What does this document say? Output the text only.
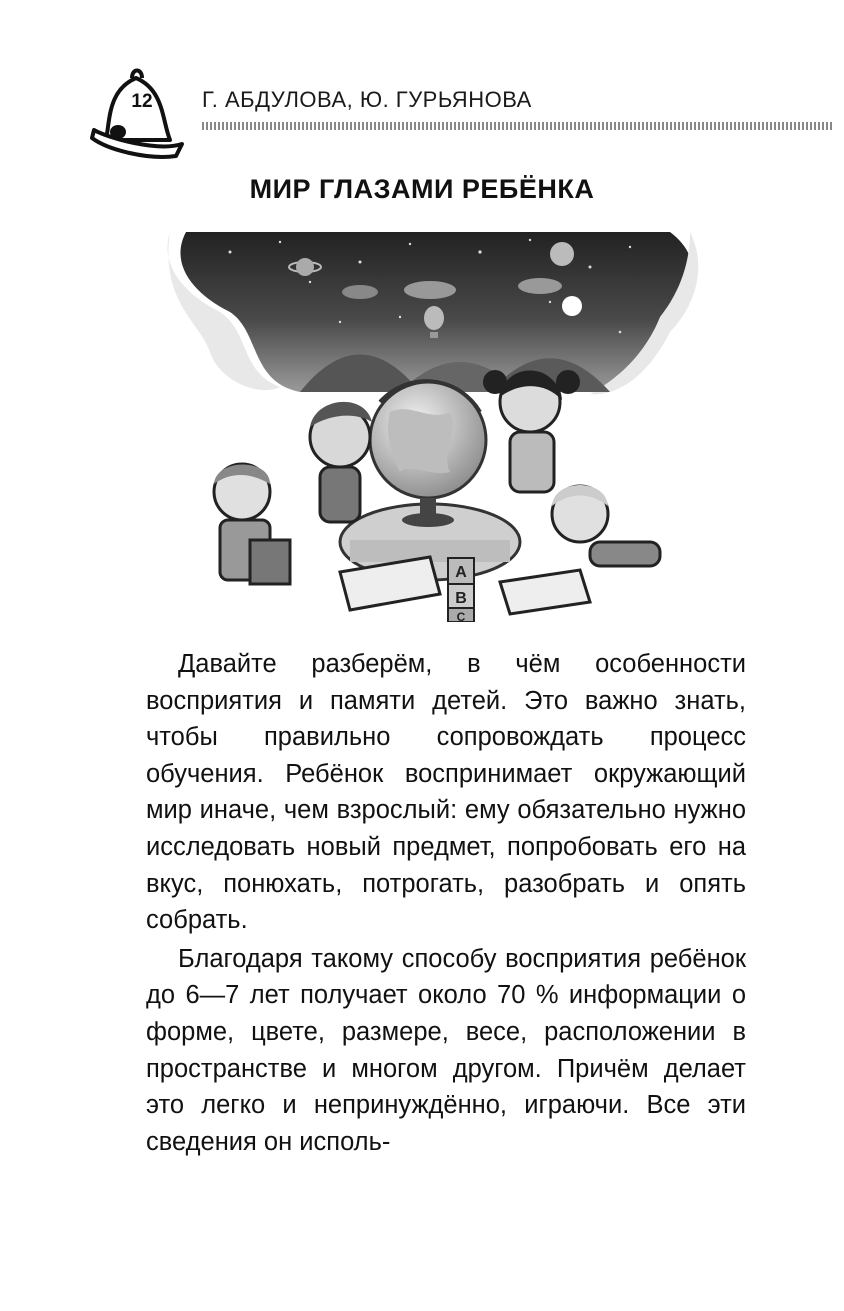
12	Г. АБДУЛОВА, Ю. ГУРЬЯНОВА
МИР ГЛАЗАМИ РЕБЁНКА
A
B
C

Давайте разберём, в чём особенности восприятия и памяти детей. Это важно знать, чтобы правильно сопровождать процесс обучения. Ребёнок воспринимает окружающий мир иначе, чем взрослый: ему обязательно нужно исследовать новый предмет, попробовать его на вкус, понюхать, потрогать, разобрать и опять собрать.

Благодаря такому способу восприятия ребёнок до 6—7 лет получает около 70 % информации о форме, цвете, размере, весе, расположении в пространстве и многом другом. Причём делает это легко и непринуждённо, играючи. Все эти сведения он исполь-
